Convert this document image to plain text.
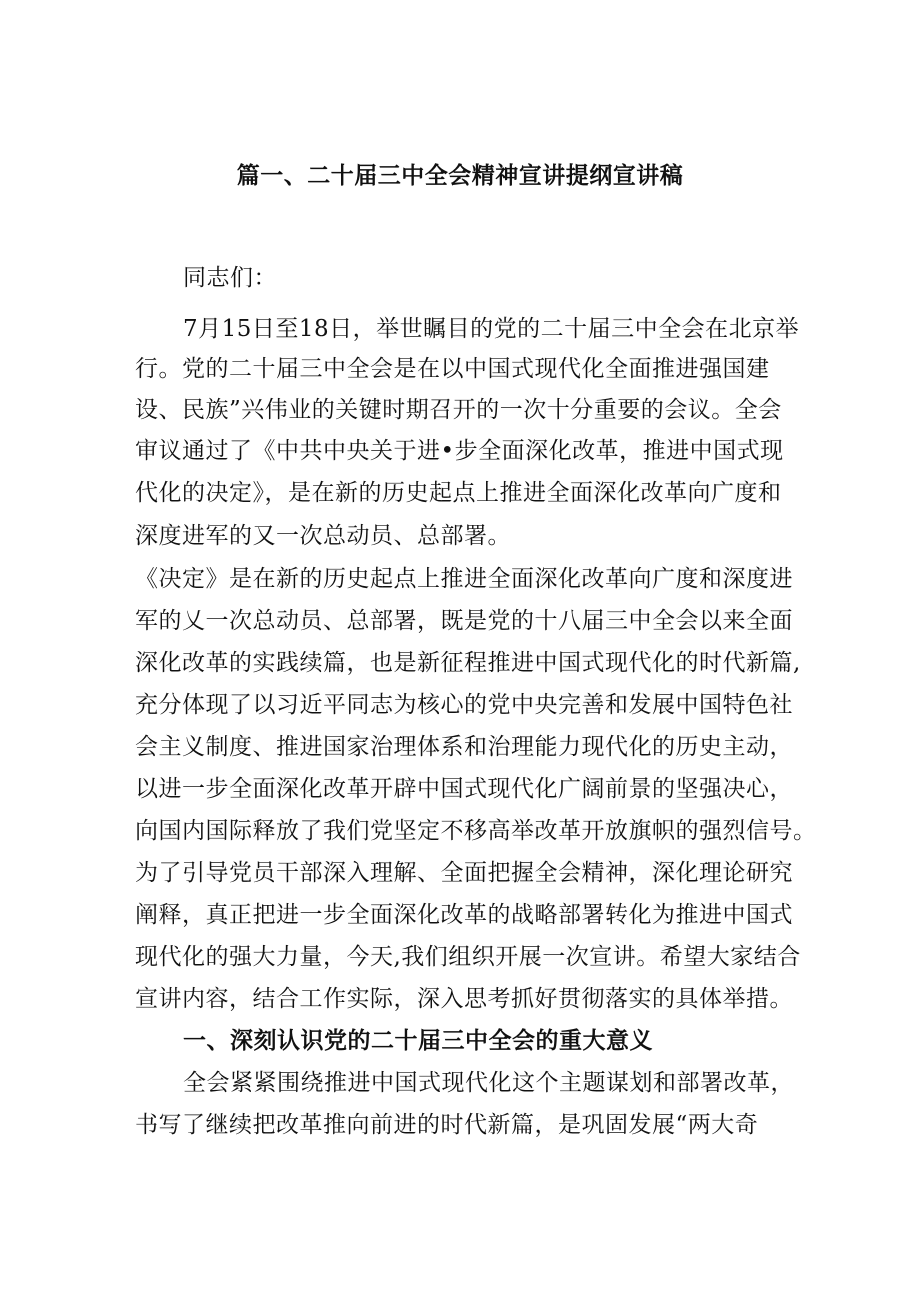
篇一、二十届三中全会精神宣讲提纲宣讲稿
同志们：
7月15日至18日，举世瞩目的党的二十届三中全会在北京举
行。党的二十届三中全会是在以中国式现代化全面推进强国建
设、民族”兴伟业的关键时期召开的一次十分重要的会议。全会
审议通过了《中共中央关于进•步全面深化改革，推进中国式现
代化的决定》，是在新的历史起点上推进全面深化改革向广度和
深度进军的又一次总动员、总部署。
《决定》是在新的历史起点上推进全面深化改革向广度和深度进
军的乂一次总动员、总部署，既是党的十八届三中全会以来全面
深化改革的实践续篇，也是新征程推进中国式现代化的时代新篇,
充分体现了以习近平同志为核心的党中央完善和发展中国特色社
会主义制度、推进国家治理体系和治理能力现代化的历史主动，
以进一步全面深化改革开辟中国式现代化广阔前景的坚强决心，
向国内国际释放了我们党坚定不移高举改革开放旗帜的强烈信号。
为了引导党员干部深入理解、全面把握全会精神，深化理论研究
阐释，真正把进一步全面深化改革的战略部署转化为推进中国式
现代化的强大力量，今天,我们组织开展一次宣讲。希望大家结合
宣讲内容，结合工作实际，深入思考抓好贯彻落实的具体举措。
一、深刻认识党的二十届三中全会的重大意义
全会紧紧围绕推进中国式现代化这个主题谋划和部署改革，
书写了继续把改革推向前进的时代新篇，是巩固发展“两大奇
